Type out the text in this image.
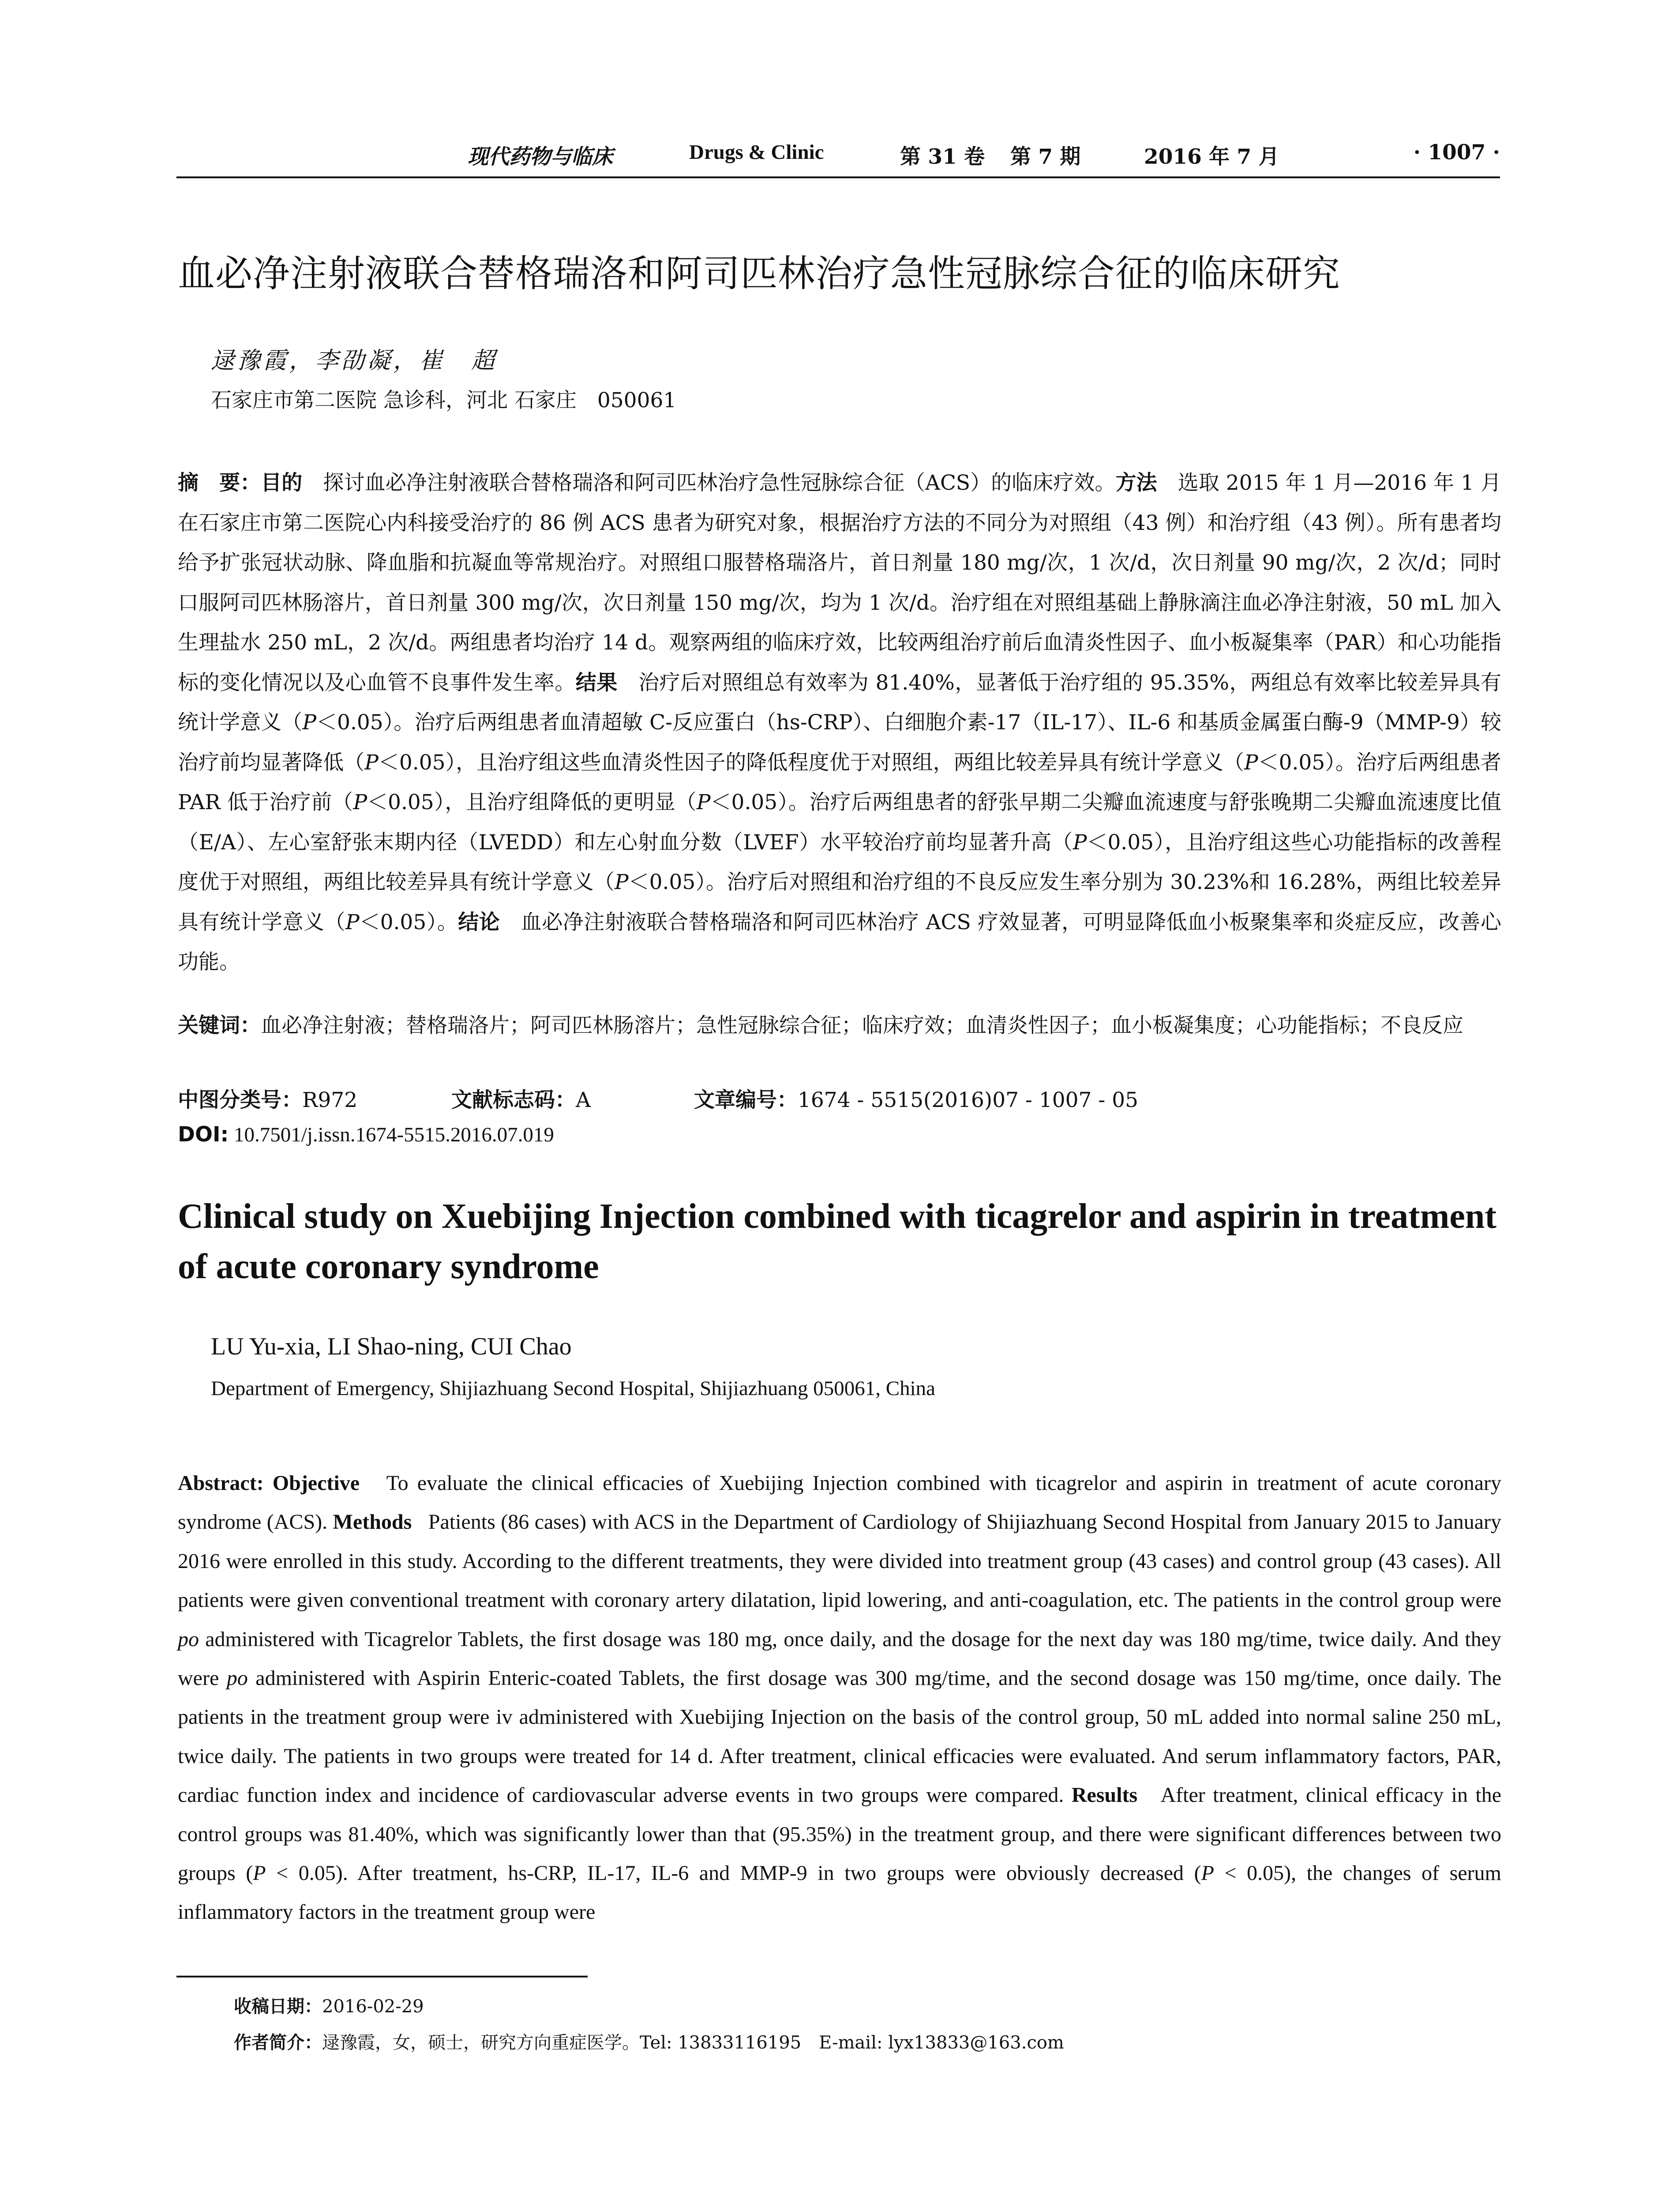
现代药物与临床	Drugs & Clinic	第 31 卷 第 7 期	2016 年 7 月	· 1007 ·
血必净注射液联合替格瑞洛和阿司匹林治疗急性冠脉综合征的临床研究
逯豫霞，李劭凝，崔　超
石家庄市第二医院 急诊科，河北 石家庄　050061
摘　要：目的　 探讨血必净注射液联合替格瑞洛和阿司匹林治疗急性冠脉综合征（ACS）的临床疗效。方法　 选取 2015 年 1 月—2016 年 1 月在石家庄市第二医院心内科接受治疗的 86 例 ACS 患者为研究对象，根据治疗方法的不同分为对照组（43 例）和治疗组（43 例）。所有患者均给予扩张冠状动脉、降血脂和抗凝血等常规治疗。对照组口服替格瑞洛片，首日剂量 180 mg/次，1 次/d，次日剂量 90 mg/次，2 次/d；同时口服阿司匹林肠溶片，首日剂量 300 mg/次，次日剂量 150 mg/次，均为 1 次/d。治疗组在对照组基础上静脉滴注血必净注射液，50 mL 加入生理盐水 250 mL，2 次/d。两组患者均治疗 14 d。观察两组的临床疗效，比较两组治疗前后血清炎性因子、血小板凝集率（PAR）和心功能指标的变化情况以及心血管不良事件发生率。结果　 治疗后对照组总有效率为 81.40%，显著低于治疗组的 95.35%，两组总有效率比较差异具有统计学意义（P＜0.05）。治疗后两组患者血清超敏 C-反应蛋白（hs-CRP）、白细胞介素-17（IL-17）、IL-6 和基质金属蛋白酶-9（MMP-9）较治疗前均显著降低（P＜0.05），且治疗组这些血清炎性因子的降低程度优于对照组，两组比较差异具有统计学意义（P＜0.05）。治疗后两组患者 PAR 低于治疗前（P＜0.05），且治疗组降低的更明显（P＜0.05）。治疗后两组患者的舒张早期二尖瓣血流速度与舒张晚期二尖瓣血流速度比值（E/A）、左心室舒张末期内径（LVEDD）和左心射血分数（LVEF）水平较治疗前均显著升高（P＜0.05），且治疗组这些心功能指标的改善程度优于对照组，两组比较差异具有统计学意义（P＜0.05）。治疗后对照组和治疗组的不良反应发生率分别为 30.23%和 16.28%，两组比较差异具有统计学意义（P＜0.05）。结论　 血必净注射液联合替格瑞洛和阿司匹林治疗 ACS 疗效显著，可明显降低血小板聚集率和炎症反应，改善心功能。
关键词：血必净注射液；替格瑞洛片；阿司匹林肠溶片；急性冠脉综合征；临床疗效；血清炎性因子；血小板凝集度；心功能指标；不良反应
中图分类号：R972	文献标志码：A	文章编号：1674 - 5515(2016)07 - 1007 - 05
DOI: 10.7501/j.issn.1674-5515.2016.07.019
Clinical study on Xuebijing Injection combined with ticagrelor and aspirin in treatment of acute coronary syndrome
LU Yu-xia, LI Shao-ning, CUI Chao
Department of Emergency, Shijiazhuang Second Hospital, Shijiazhuang 050061, China
Abstract: Objective To evaluate the clinical efficacies of Xuebijing Injection combined with ticagrelor and aspirin in treatment of acute coronary syndrome (ACS). Methods Patients (86 cases) with ACS in the Department of Cardiology of Shijiazhuang Second Hospital from January 2015 to January 2016 were enrolled in this study. According to the different treatments, they were divided into treatment group (43 cases) and control group (43 cases). All patients were given conventional treatment with coronary artery dilatation, lipid lowering, and anti-coagulation, etc. The patients in the control group were po administered with Ticagrelor Tablets, the first dosage was 180 mg, once daily, and the dosage for the next day was 180 mg/time, twice daily. And they were po administered with Aspirin Enteric-coated Tablets, the first dosage was 300 mg/time, and the second dosage was 150 mg/time, once daily. The patients in the treatment group were iv administered with Xuebijing Injection on the basis of the control group, 50 mL added into normal saline 250 mL, twice daily. The patients in two groups were treated for 14 d. After treatment, clinical efficacies were evaluated. And serum inflammatory factors, PAR, cardiac function index and incidence of cardiovascular adverse events in two groups were compared. Results After treatment, clinical efficacy in the control groups was 81.40%, which was significantly lower than that (95.35%) in the treatment group, and there were significant differences between two groups (P < 0.05). After treatment, hs-CRP, IL-17, IL-6 and MMP-9 in two groups were obviously decreased (P < 0.05), the changes of serum inflammatory factors in the treatment group were
收稿日期：2016-02-29
作者简介：逯豫霞，女，硕士，研究方向重症医学。Tel: 13833116195　E-mail: lyx13833@163.com
